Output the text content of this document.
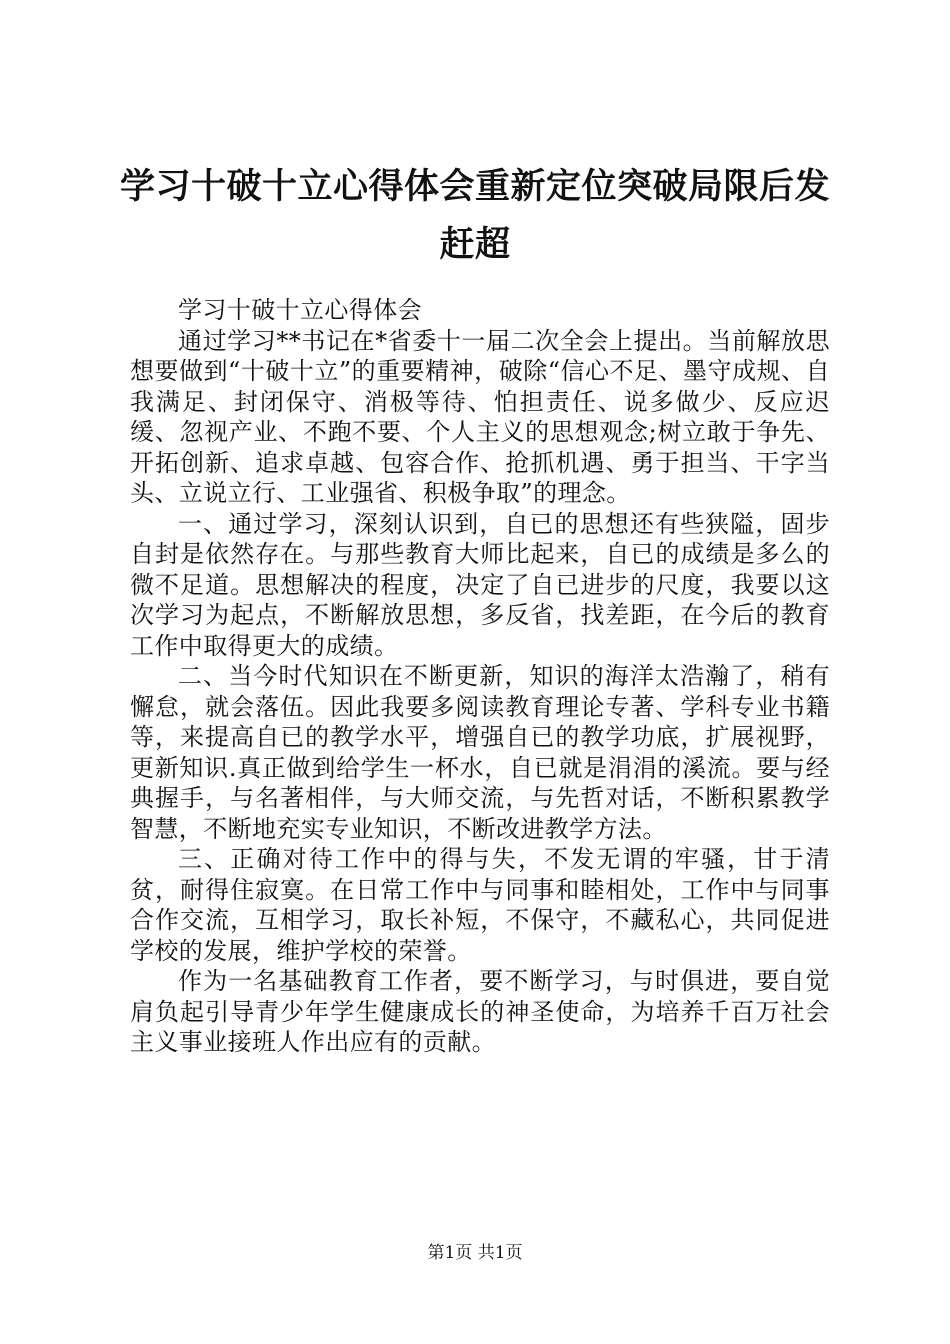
学习十破十立心得体会重新定位突破局限后发赶超

学习十破十立心得体会

通过学习**书记在*省委十一届二次全会上提出。当前解放思想要做到“十破十立”的重要精神，破除“信心不足、墨守成规、自我满足、封闭保守、消极等待、怕担责任、说多做少、反应迟缓、忽视产业、不跑不要、个人主义的思想观念;树立敢于争先、开拓创新、追求卓越、包容合作、抢抓机遇、勇于担当、干字当头、立说立行、工业强省、积极争取”的理念。

一、通过学习，深刻认识到，自已的思想还有些狭隘，固步自封是依然存在。与那些教育大师比起来，自已的成绩是多么的微不足道。思想解决的程度，决定了自已进步的尺度，我要以这次学习为起点，不断解放思想，多反省，找差距，在今后的教育工作中取得更大的成绩。

二、当今时代知识在不断更新，知识的海洋太浩瀚了，稍有懈怠，就会落伍。因此我要多阅读教育理论专著、学科专业书籍等，来提高自已的教学水平，增强自已的教学功底，扩展视野，更新知识.真正做到给学生一杯水，自已就是涓涓的溪流。要与经典握手，与名著相伴，与大师交流，与先哲对话，不断积累教学智慧，不断地充实专业知识，不断改进教学方法。

三、正确对待工作中的得与失，不发无谓的牢骚，甘于清贫，耐得住寂寞。在日常工作中与同事和睦相处，工作中与同事合作交流，互相学习，取长补短，不保守，不藏私心，共同促进学校的发展，维护学校的荣誉。

作为一名基础教育工作者，要不断学习，与时俱进，要自觉肩负起引导青少年学生健康成长的神圣使命，为培养千百万社会主义事业接班人作出应有的贡献。

第1页 共1页
